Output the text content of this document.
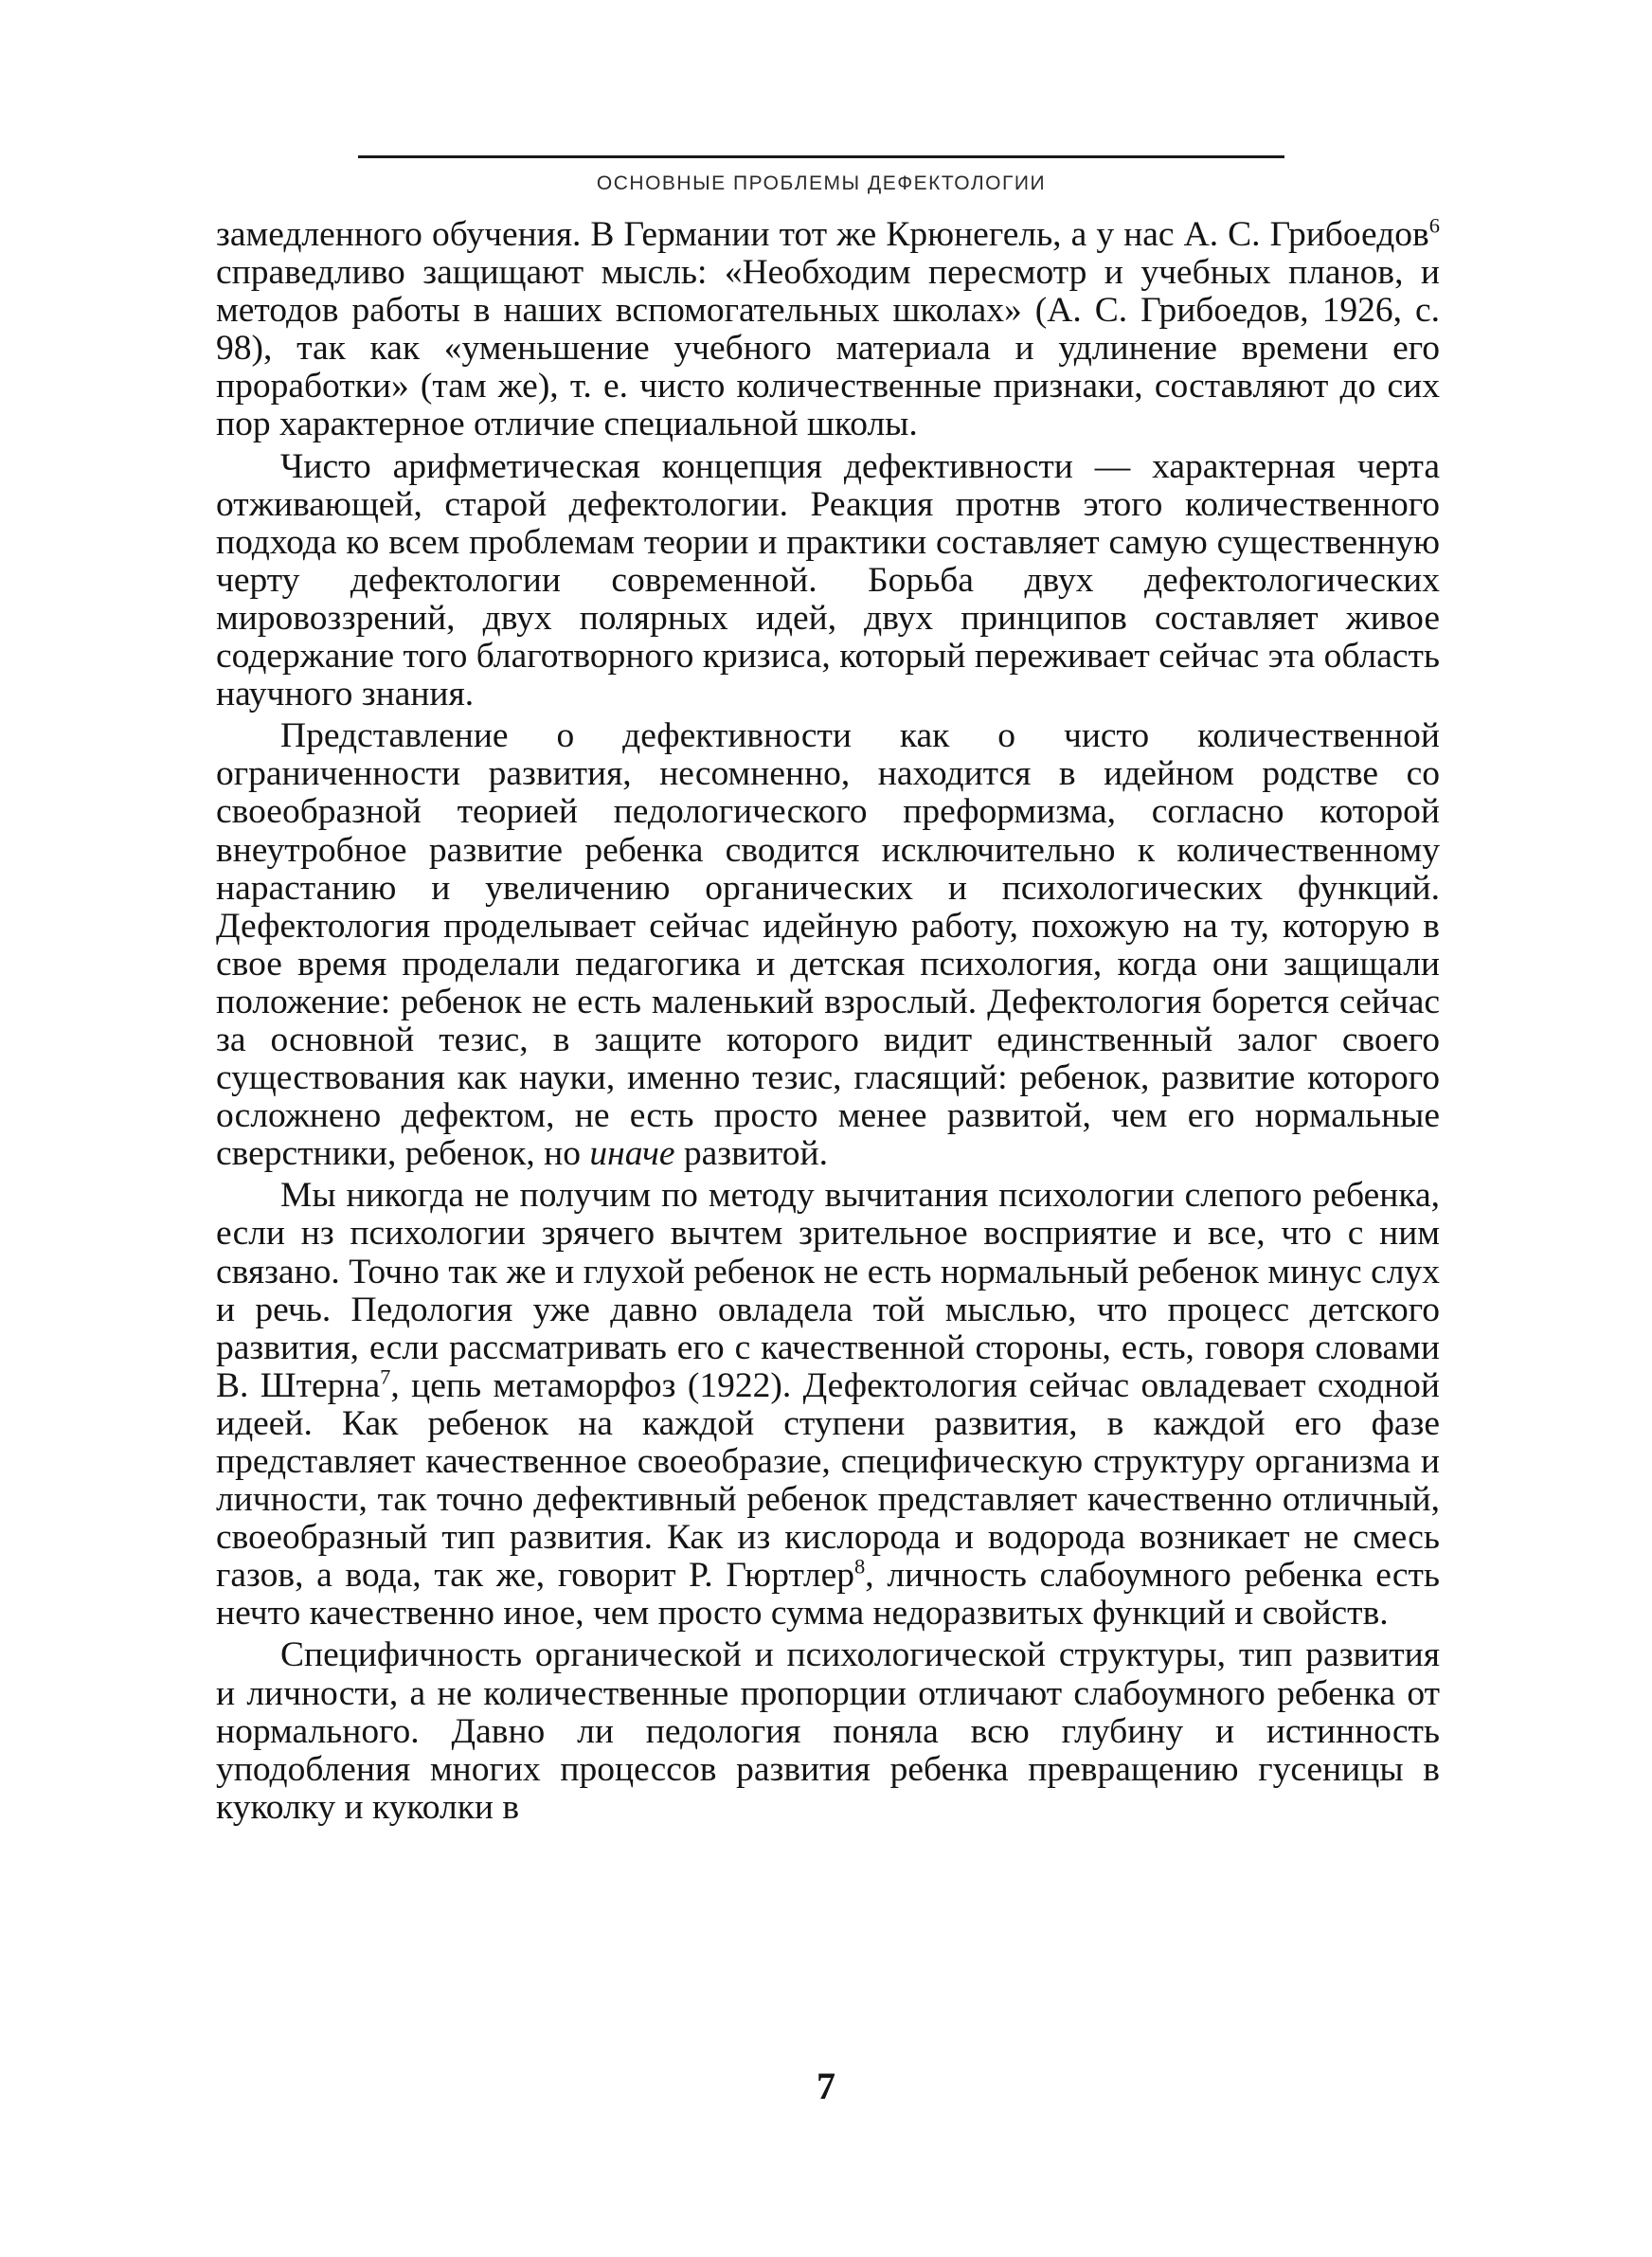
ОСНОВНЫЕ ПРОБЛЕМЫ ДЕФЕКТОЛОГИИ

замедленного обучения. В Германии тот же Крюнегель, а у нас А. С. Грибоедов$^6$ справедливо защищают мысль: «Необходим пересмотр и учебных планов, и методов работы в наших вспомогательных школах» (А. С. Грибоедов, 1926, с. 98), так как «уменьшение учебного материала и удлинение времени его проработки» (там же), т. е. чисто количественные признаки, составляют до сих пор характерное отличие специальной школы.

Чисто арифметическая концепция дефективности — характерная черта отживающей, старой дефектологии. Реакция протнв этого количественного подхода ко всем проблемам теории и практики составляет самую существенную черту дефектологии современной. Борьба двух дефектологических мировоззрений, двух полярных идей, двух принципов составляет живое содержание того благотворного кризиса, который переживает сейчас эта область научного знания.

Представление о дефективности как о чисто количественной ограниченности развития, несомненно, находится в идейном родстве со своеобразной теорией педологического преформизма, согласно которой внеутробное развитие ребенка сводится исключительно к количественному нарастанию и увеличению органических и психологических функций. Дефектология проделывает сейчас идейную работу, похожую на ту, которую в свое время проделали педагогика и детская психология, когда они защищали положение: ребенок не есть маленький взрослый. Дефектология борется сейчас за основной тезис, в защите которого видит единственный залог своего существования как науки, именно тезис, гласящий: ребенок, развитие которого осложнено дефектом, не есть просто менее развитой, чем его нормальные сверстники, ребенок, но иначе развитой.

Мы никогда не получим по методу вычитания психологии слепого ребенка, если нз психологии зрячего вычтем зрительное восприятие и все, что с ним связано. Точно так же и глухой ребенок не есть нормальный ребенок минус слух и речь. Педология уже давно овладела той мыслью, что процесс детского развития, если рассматривать его с качественной стороны, есть, говоря словами В. Штерна$^7$, цепь метаморфоз (1922). Дефектология сейчас овладевает сходной идеей. Как ребенок на каждой ступени развития, в каждой его фазе представляет качественное своеобразие, специфическую структуру организма и личности, так точно дефективный ребенок представляет качественно отличный, своеобразный тип развития. Как из кислорода и водорода возникает не смесь газов, а вода, так же, говорит Р. Гюртлер$^8$, личность слабоумного ребенка есть нечто качественно иное, чем просто сумма недоразвитых функций и свойств.

Специфичность органической и психологической структуры, тип развития и личности, а не количественные пропорции отличают слабоумного ребенка от нормального. Давно ли педология поняла всю глубину и истинность уподобления многих процессов развития ребенка превращению гусеницы в куколку и куколки в

7
